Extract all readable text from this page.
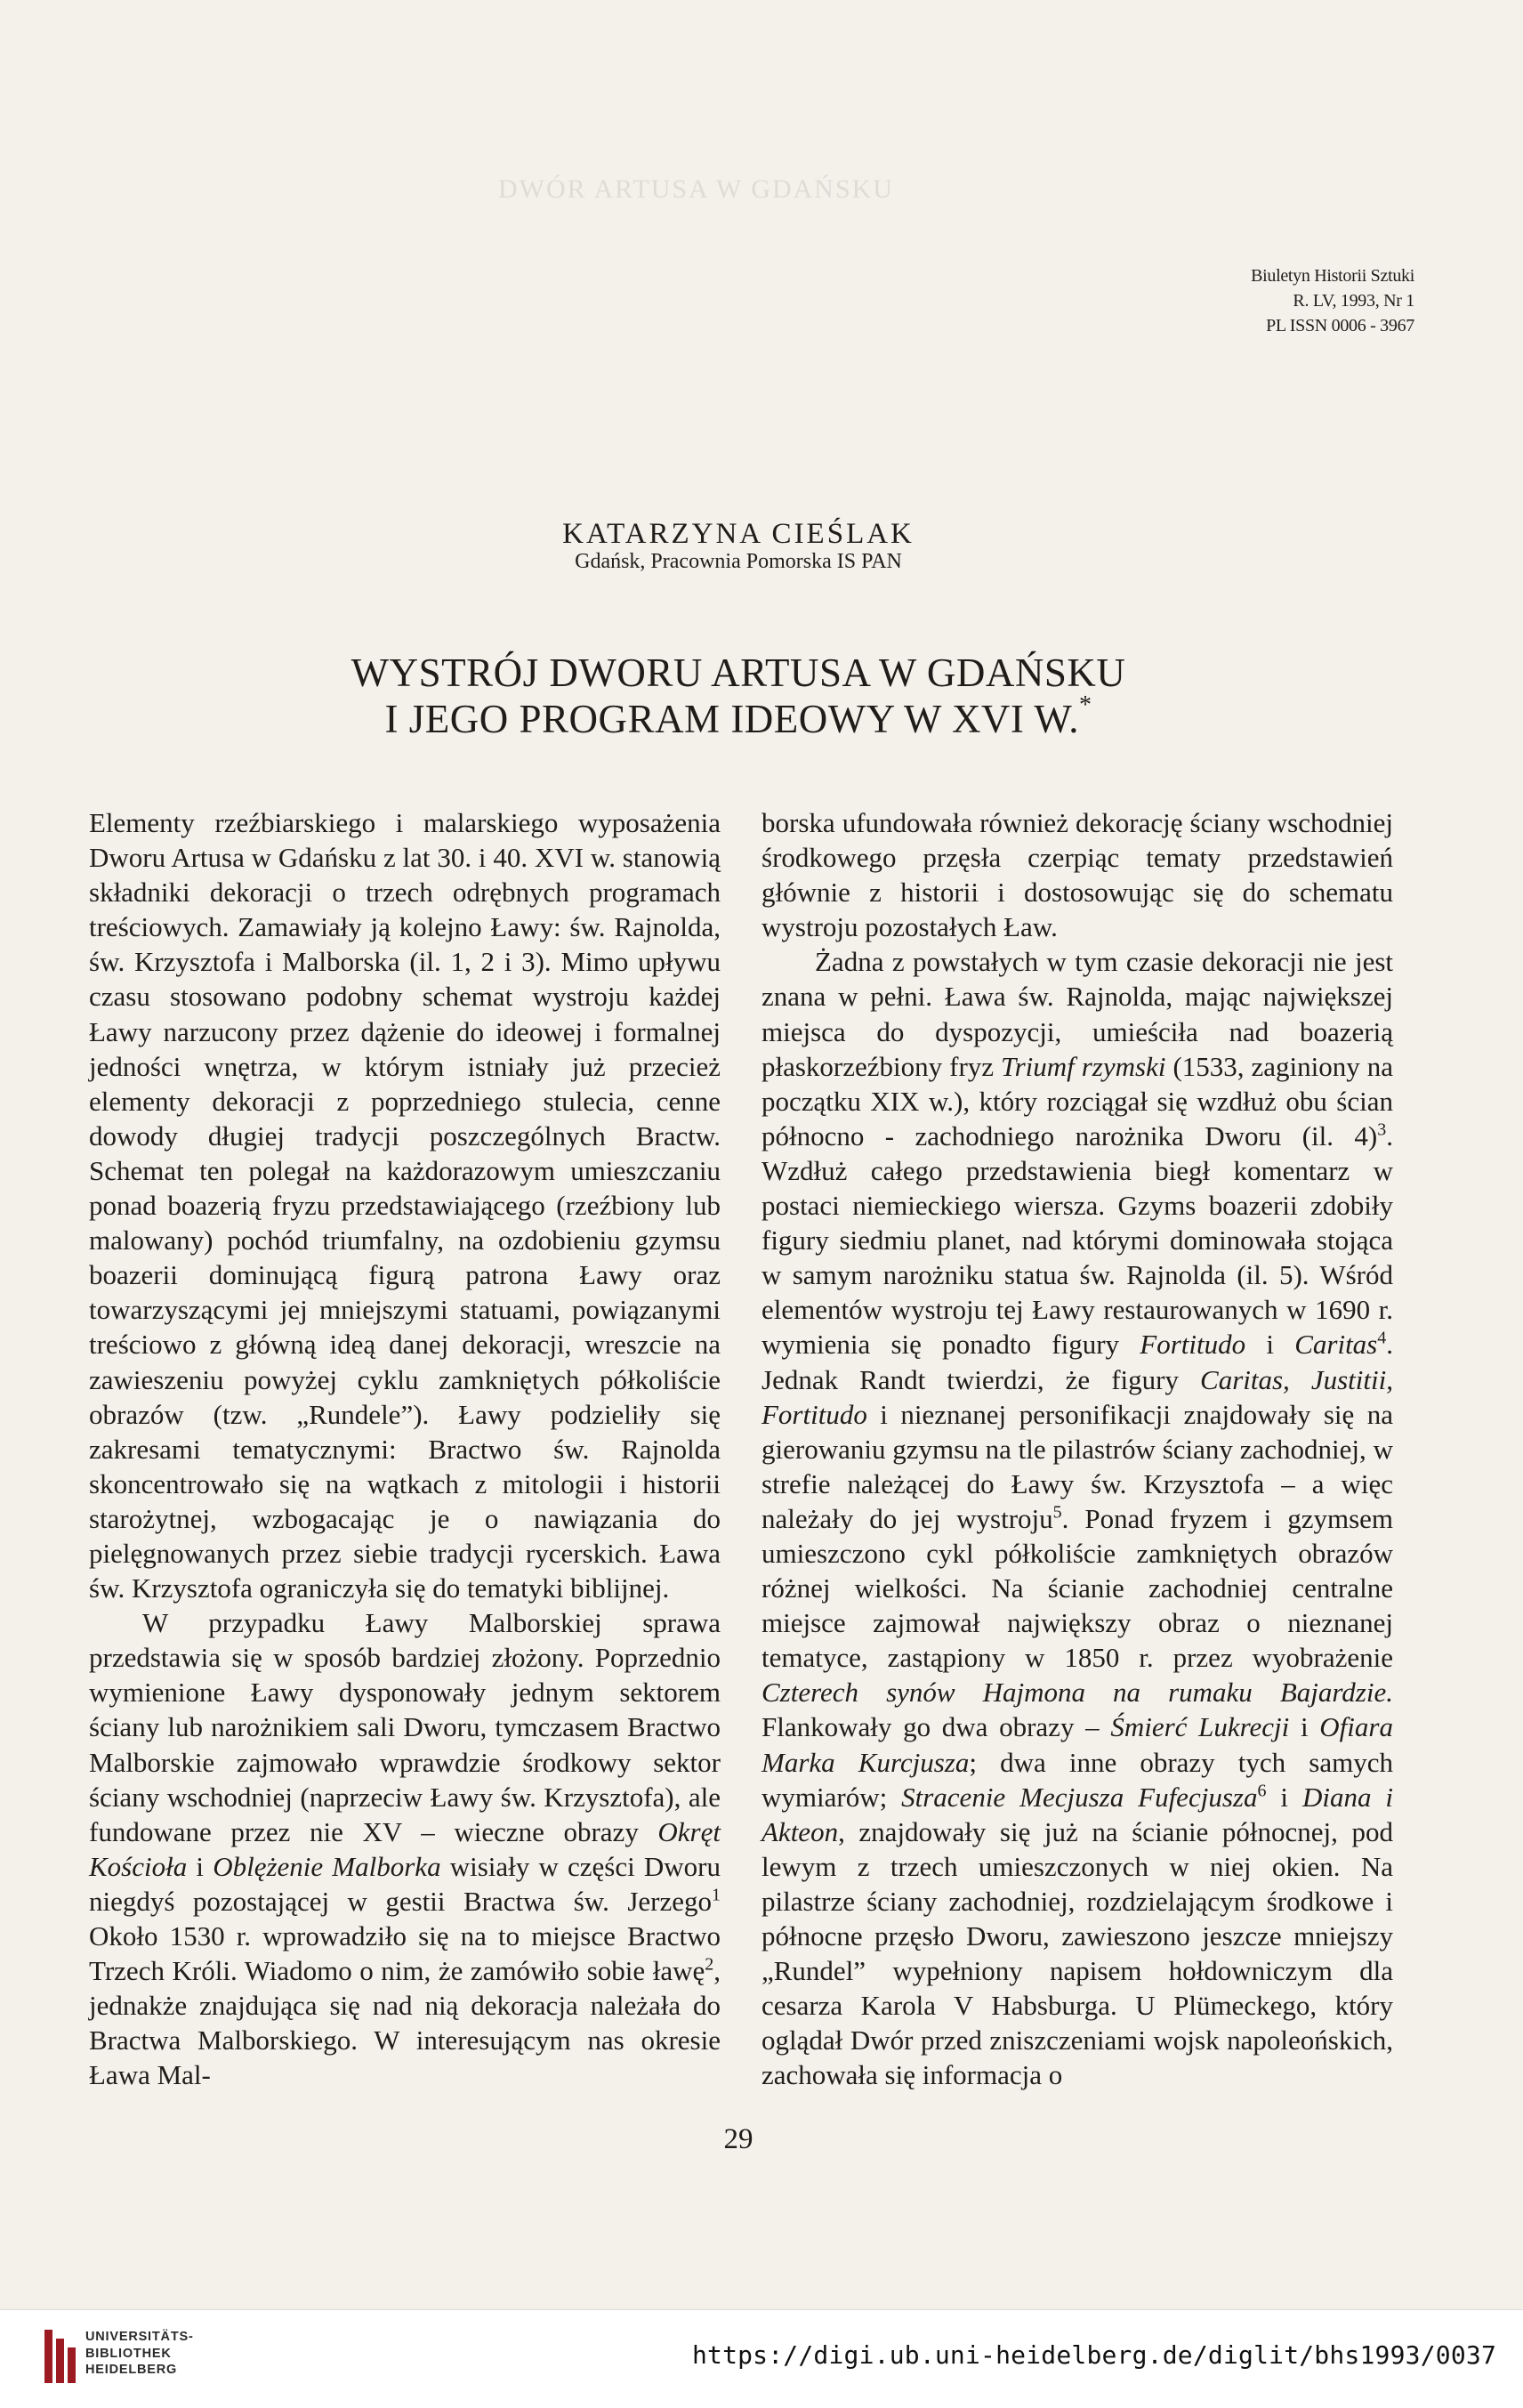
DWÓR ARTUSA W GDAŃSKU
Biuletyn Historii Sztuki
R. LV, 1993, Nr 1
PL ISSN 0006 - 3967
KATARZYNA CIEŚLAK
Gdańsk, Pracownia Pomorska IS PAN
WYSTRÓJ DWORU ARTUSA W GDAŃSKU
I JEGO PROGRAM IDEOWY W XVI W.*

Elementy rzeźbiarskiego i malarskiego wyposażenia Dworu Artusa w Gdańsku z lat 30. i 40. XVI w. stanowią składniki dekoracji o trzech odrębnych programach treściowych. Zamawiały ją kolejno Ławy: św. Rajnolda, św. Krzysztofa i Malborska (il. 1, 2 i 3). Mimo upływu czasu stosowano podobny schemat wystroju każdej Ławy narzucony przez dążenie do ideowej i formalnej jedności wnętrza, w którym istniały już przecież elementy dekoracji z poprzedniego stulecia, cenne dowody długiej tradycji poszczególnych Bractw. Schemat ten polegał na każdorazowym umieszczaniu ponad boazerią fryzu przedstawiającego (rzeźbiony lub malowany) pochód triumfalny, na ozdobieniu gzymsu boazerii dominującą figurą patrona Ławy oraz towarzyszącymi jej mniejszymi statuami, powiązanymi treściowo z główną ideą danej dekoracji, wreszcie na zawieszeniu powyżej cyklu zamkniętych półkoliście obrazów (tzw. „Rundele”). Ławy podzieliły się zakresami tematycznymi: Bractwo św. Rajnolda skoncentrowało się na wątkach z mitologii i historii starożytnej, wzbogacając je o nawiązania do pielęgnowanych przez siebie tradycji rycerskich. Ława św. Krzysztofa ograniczyła się do tematyki biblijnej.

W przypadku Ławy Malborskiej sprawa przedstawia się w sposób bardziej złożony. Poprzednio wymienione Ławy dysponowały jednym sektorem ściany lub narożnikiem sali Dworu, tymczasem Bractwo Malborskie zajmowało wprawdzie środkowy sektor ściany wschodniej (naprzeciw Ławy św. Krzysztofa), ale fundowane przez nie XV – wieczne obrazy Okręt Kościoła i Oblężenie Malborka wisiały w części Dworu niegdyś pozostającej w gestii Bractwa św. Jerzego$^1$ Około 1530 r. wprowadziło się na to miejsce Bractwo Trzech Króli. Wiadomo o nim, że zamówiło sobie ławę$^2$, jednakże znajdująca się nad nią dekoracja należała do Bractwa Malborskiego. W interesującym nas okresie Ława Mal-

borska ufundowała również dekorację ściany wschodniej środkowego przęsła czerpiąc tematy przedstawień głównie z historii i dostosowując się do schematu wystroju pozostałych Ław.

Żadna z powstałych w tym czasie dekoracji nie jest znana w pełni. Ława św. Rajnolda, mając największej miejsca do dyspozycji, umieściła nad boazerią płaskorzeźbiony fryz Triumf rzymski (1533, zaginiony na początku XIX w.), który rozciągał się wzdłuż obu ścian północno - zachodniego narożnika Dworu (il. 4)$^3$. Wzdłuż całego przedstawienia biegł komentarz w postaci niemieckiego wiersza. Gzyms boazerii zdobiły figury siedmiu planet, nad którymi dominowała stojąca w samym narożniku statua św. Rajnolda (il. 5). Wśród elementów wystroju tej Ławy restaurowanych w 1690 r. wymienia się ponadto figury Fortitudo i Caritas$^4$. Jednak Randt twierdzi, że figury Caritas, Justitii, Fortitudo i nieznanej personifikacji znajdowały się na gierowaniu gzymsu na tle pilastrów ściany zachodniej, w strefie należącej do Ławy św. Krzysztofa – a więc należały do jej wystroju$^5$. Ponad fryzem i gzymsem umieszczono cykl półkoliście zamkniętych obrazów różnej wielkości. Na ścianie zachodniej centralne miejsce zajmował największy obraz o nieznanej tematyce, zastąpiony w 1850 r. przez wyobrażenie Czterech synów Hajmona na rumaku Bajardzie. Flankowały go dwa obrazy – Śmierć Lukrecji i Ofiara Marka Kurcjusza; dwa inne obrazy tych samych wymiarów; Stracenie Mecjusza Fufecjusza$^6$ i Diana i Akteon, znajdowały się już na ścianie północnej, pod lewym z trzech umieszczonych w niej okien. Na pilastrze ściany zachodniej, rozdzielającym środkowe i północne przęsło Dworu, zawieszono jeszcze mniejszy „Rundel” wypełniony napisem hołdowniczym dla cesarza Karola V Habsburga. U Plümeckego, który oglądał Dwór przed zniszczeniami wojsk napoleońskich, zachowała się informacja o

29
UNIVERSITÄTS-
BIBLIOTHEK
HEIDELBERG	https://digi.ub.uni-heidelberg.de/diglit/bhs1993/0037
